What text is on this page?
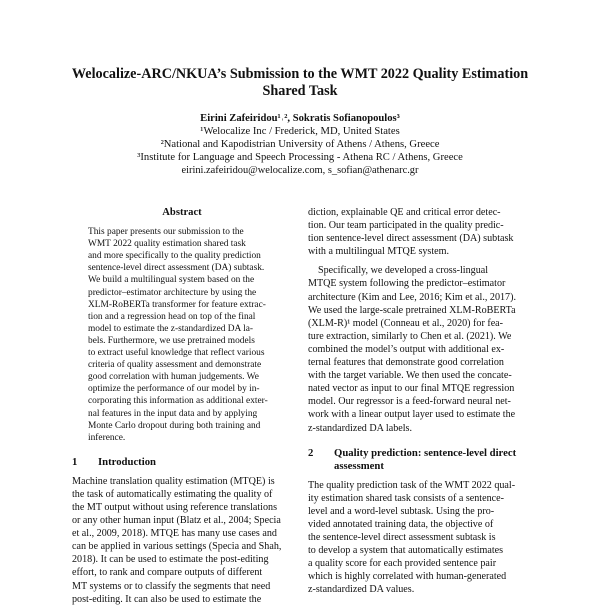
Welocalize-ARC/NKUA’s Submission to the WMT 2022 Quality Estimation
Shared Task
Eirini Zafeiridou¹˒², Sokratis Sofianopoulos³
¹Welocalize Inc / Frederick, MD, United States
²National and Kapodistrian University of Athens / Athens, Greece
³Institute for Language and Speech Processing - Athena RC / Athens, Greece
eirini.zafeiridou@welocalize.com, s_sofian@athenarc.gr
Abstract
This paper presents our submission to the
WMT 2022 quality estimation shared task
and more specifically to the quality prediction
sentence-level direct assessment (DA) subtask.
We build a multilingual system based on the
predictor–estimator architecture by using the
XLM-RoBERTa transformer for feature extrac-
tion and a regression head on top of the final
model to estimate the z-standardized DA la-
bels. Furthermore, we use pretrained models
to extract useful knowledge that reflect various
criteria of quality assessment and demonstrate
good correlation with human judgements. We
optimize the performance of our model by in-
corporating this information as additional exter-
nal features in the input data and by applying
Monte Carlo dropout during both training and
inference.
1	Introduction

Machine translation quality estimation (MTQE) is
the task of automatically estimating the quality of
the MT output without using reference translations
or any other human input (Blatz et al., 2004; Specia
et al., 2009, 2018). MTQE has many use cases and
can be applied in various settings (Specia and Shah,
2018). It can be used to estimate the post-editing
effort, to rank and compare outputs of different
MT systems or to classify the segments that need
post-editing. It can also be used to estimate the

diction, explainable QE and critical error detec-
tion. Our team participated in the quality predic-
tion sentence-level direct assessment (DA) subtask
with a multilingual MTQE system.

Specifically, we developed a cross-lingual
MTQE system following the predictor–estimator
architecture (Kim and Lee, 2016; Kim et al., 2017).
We used the large-scale pretrained XLM-RoBERTa
(XLM-R)¹ model (Conneau et al., 2020) for fea-
ture extraction, similarly to Chen et al. (2021). We
combined the model’s output with additional ex-
ternal features that demonstrate good correlation
with the target variable. We then used the concate-
nated vector as input to our final MTQE regression
model. Our regressor is a feed-forward neural net-
work with a linear output layer used to estimate the
z-standardized DA labels.

2	Quality prediction: sentence-level direct
assessment

The quality prediction task of the WMT 2022 qual-
ity estimation shared task consists of a sentence-
level and a word-level subtask. Using the pro-
vided annotated training data, the objective of
the sentence-level direct assessment subtask is
to develop a system that automatically estimates
a quality score for each provided sentence pair
which is highly correlated with human-generated
z-standardized DA values.
